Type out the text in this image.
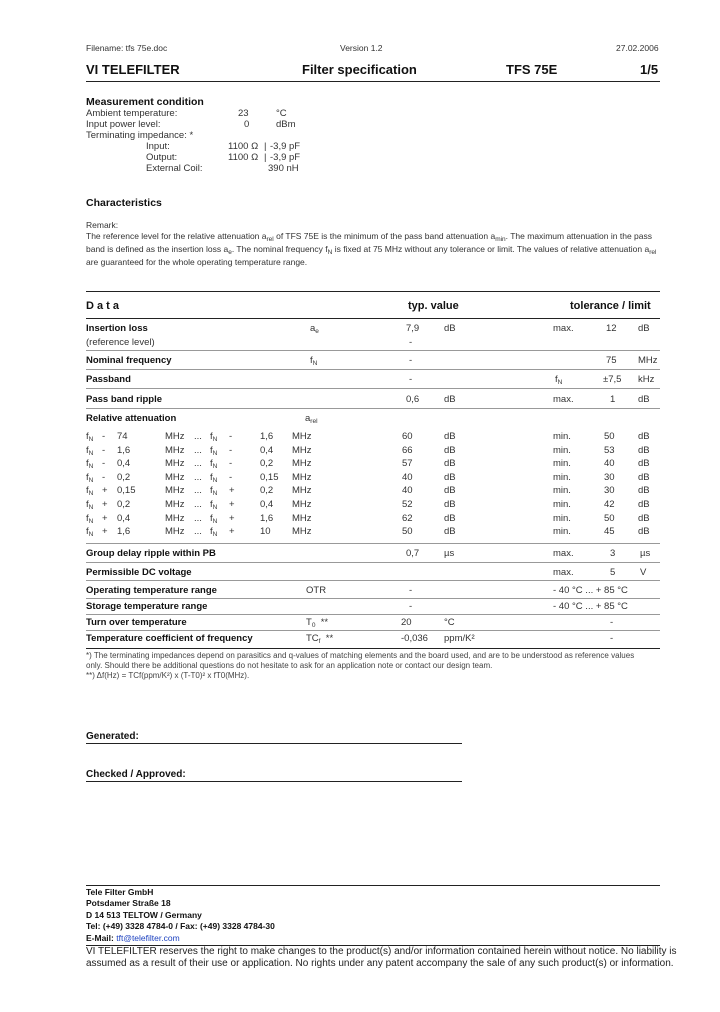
Filename: tfs 75e.doc	Version 1.2	27.02.2006
VI TELEFILTER	Filter specification	TFS 75E	1/5
Measurement condition
Ambient temperature:	23	°C
Input power level:	0	dBm
Terminating impedance: *
Input:	1100 Ω | -3,9 pF
Output:	1100 Ω | -3,9 pF
External Coil:	390 nH
Characteristics
Remark:
The reference level for the relative attenuation $a_{rel}$ of TFS 75E is the minimum of the pass band attenuation $a_{min}$. The maximum attenuation in the pass
band is defined as the insertion loss $a_e$. The nominal frequency $f_N$ is fixed at 75 MHz without any tolerance or limit. The values of relative attenuation $a_{rel}$
are guaranteed for the whole operating temperature range.
D a t a	typ. value	tolerance / limit
Insertion loss	$a_e$	7,9	dB	max.	12 dB
(reference level)	-
Nominal frequency	$f_N$	-	75 MHz
Passband	-	$f_N$	±7,5 kHz
Pass band ripple	0,6	dB	max.	1 dB
Relative attenuation	$a_{rel}$
$f_N - 74$	MHz ... $f_N$ -	1,6 MHz	60	dB	min.	50 dB
$f_N - 1,6$	MHz ... $f_N$ -	0,4 MHz	66	dB	min.	53 dB
$f_N - 0,4$	MHz ... $f_N$ -	0,2 MHz	57	dB	min.	40 dB
$f_N - 0,2$	MHz ... $f_N$ -	0,15 MHz	40	dB	min.	30 dB
$f_N + 0,15$	MHz ... $f_N$ +	0,2 MHz	40	dB	min.	30 dB
$f_N + 0,2$	MHz ... $f_N$ +	0,4 MHz	52	dB	min.	42 dB
$f_N + 0,4$	MHz ... $f_N$ +	1,6 MHz	62	dB	min.	50 dB
$f_N + 1,6$	MHz ... $f_N$ +	10 MHz	50	dB	min.	45 dB
Group delay ripple within PB	0,7	µs	max.	3	µs
Permissible DC voltage	max.	5	V
Operating temperature range	OTR	-	- 40 °C ... + 85 °C
Storage temperature range	-	- 40 °C ... + 85 °C
Turn over temperature	$T_0$ **	20	°C	-
Temperature coefficient of frequency	$TC_f$ **	-0,036 ppm/K²	-
*) The terminating impedances depend on parasitics and q-values of matching elements and the board used, and are to be understood as reference values
only. Should there be additional questions do not hesitate to ask for an application note or contact our design team.
**) Δf(Hz) = TCf(ppm/K²) x (T-T0)² x fT0(MHz).
Generated:
Checked / Approved:
Tele Filter GmbH
Potsdamer Straße 18
D 14 513 TELTOW / Germany
Tel: (+49) 3328 4784-0 / Fax: (+49) 3328 4784-30
E-Mail: tft@telefilter.com
VI TELEFILTER reserves the right to make changes to the product(s) and/or information contained herein without notice. No liability is
assumed as a result of their use or application. No rights under any patent accompany the sale of any such product(s) or information.
